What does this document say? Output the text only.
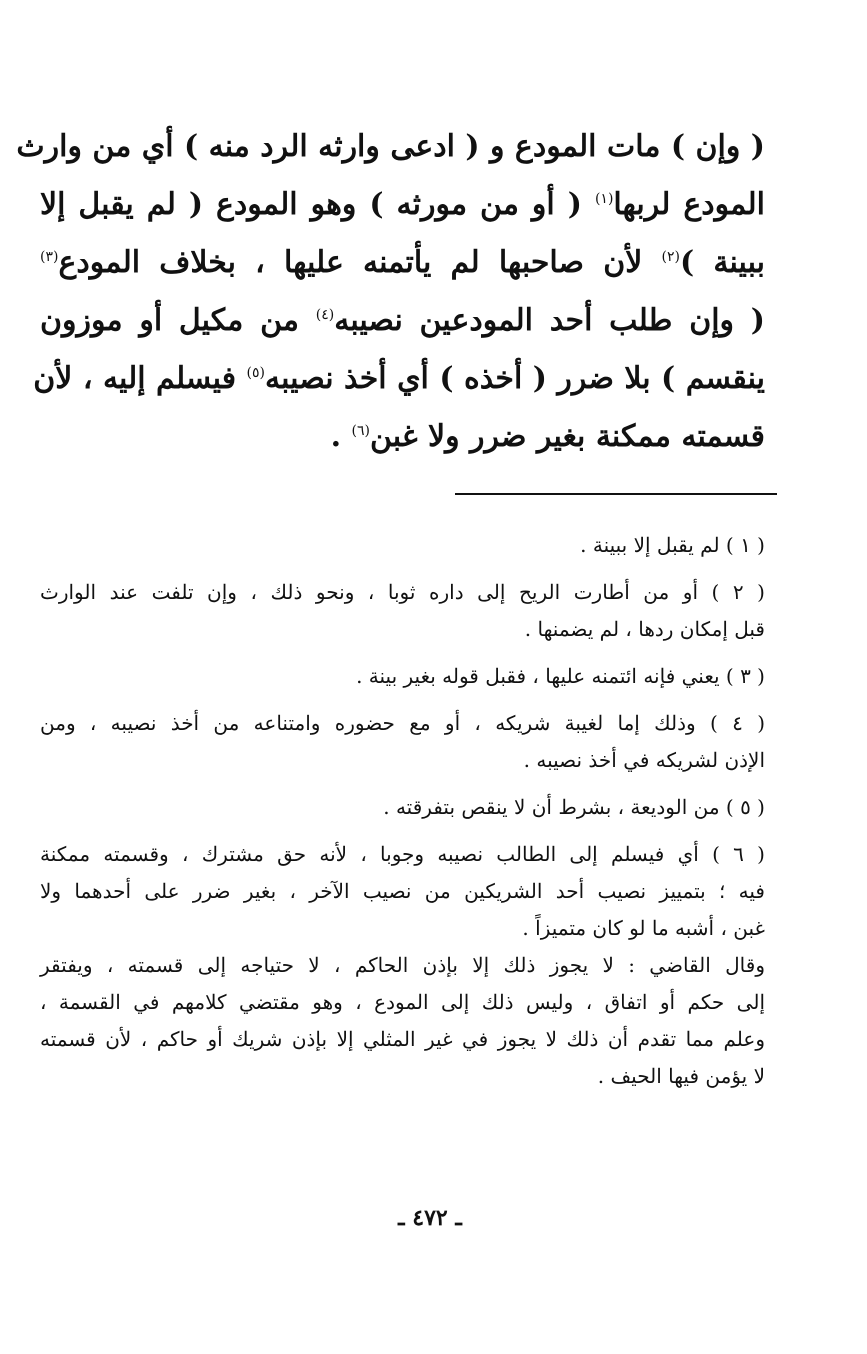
( وإن ) مات المودع و ( ادعى وارثه الرد منه ) أي من وارث
المودع لربها$^{(١)}$ ( أو من مورثه ) وهو المودع ( لم يقبل إلا
ببينة )$^{(٢)}$ لأن صاحبها لم يأتمنه عليها ، بخلاف المودع$^{(٣)}$
( وإن طلب أحد المودعين نصيبه$^{(٤)}$ من مكيل أو موزون
ينقسم ) بلا ضرر ( أخذه ) أي أخذ نصيبه$^{(٥)}$ فيسلم إليه ، لأن
قسمته ممكنة بغير ضرر ولا غبن$^{(٦)}$ .
( ١ ) لم يقبل إلا ببينة .
( ٢ ) أو من أطارت الريح إلى داره ثوبا ، ونحو ذلك ، وإن تلفت عند الوارث
قبل إمكان ردها ، لم يضمنها .
( ٣ ) يعني فإنه ائتمنه عليها ، فقبل قوله بغير بينة .
( ٤ ) وذلك إما لغيبة شريكه ، أو مع حضوره وامتناعه من أخذ نصيبه ، ومن
الإذن لشريكه في أخذ نصيبه .
( ٥ ) من الوديعة ، بشرط أن لا ينقص بتفرقته .
( ٦ ) أي فيسلم إلى الطالب نصيبه وجوبا ، لأنه حق مشترك ، وقسمته ممكنة
فيه ؛ بتمييز نصيب أحد الشريكين من نصيب الآخر ، بغير ضرر على أحدهما ولا
غبن ، أشبه ما لو كان متميزاً .
وقال القاضي : لا يجوز ذلك إلا بإذن الحاكم ، لا حتياجه إلى قسمته ، ويفتقر
إلى حكم أو اتفاق ، وليس ذلك إلى المودع ، وهو مقتضي كلامهم في القسمة ،
وعلم مما تقدم أن ذلك لا يجوز في غير المثلي إلا بإذن شريك أو حاكم ، لأن قسمته
لا يؤمن فيها الحيف .
ـ ٤٧٢ ـ
